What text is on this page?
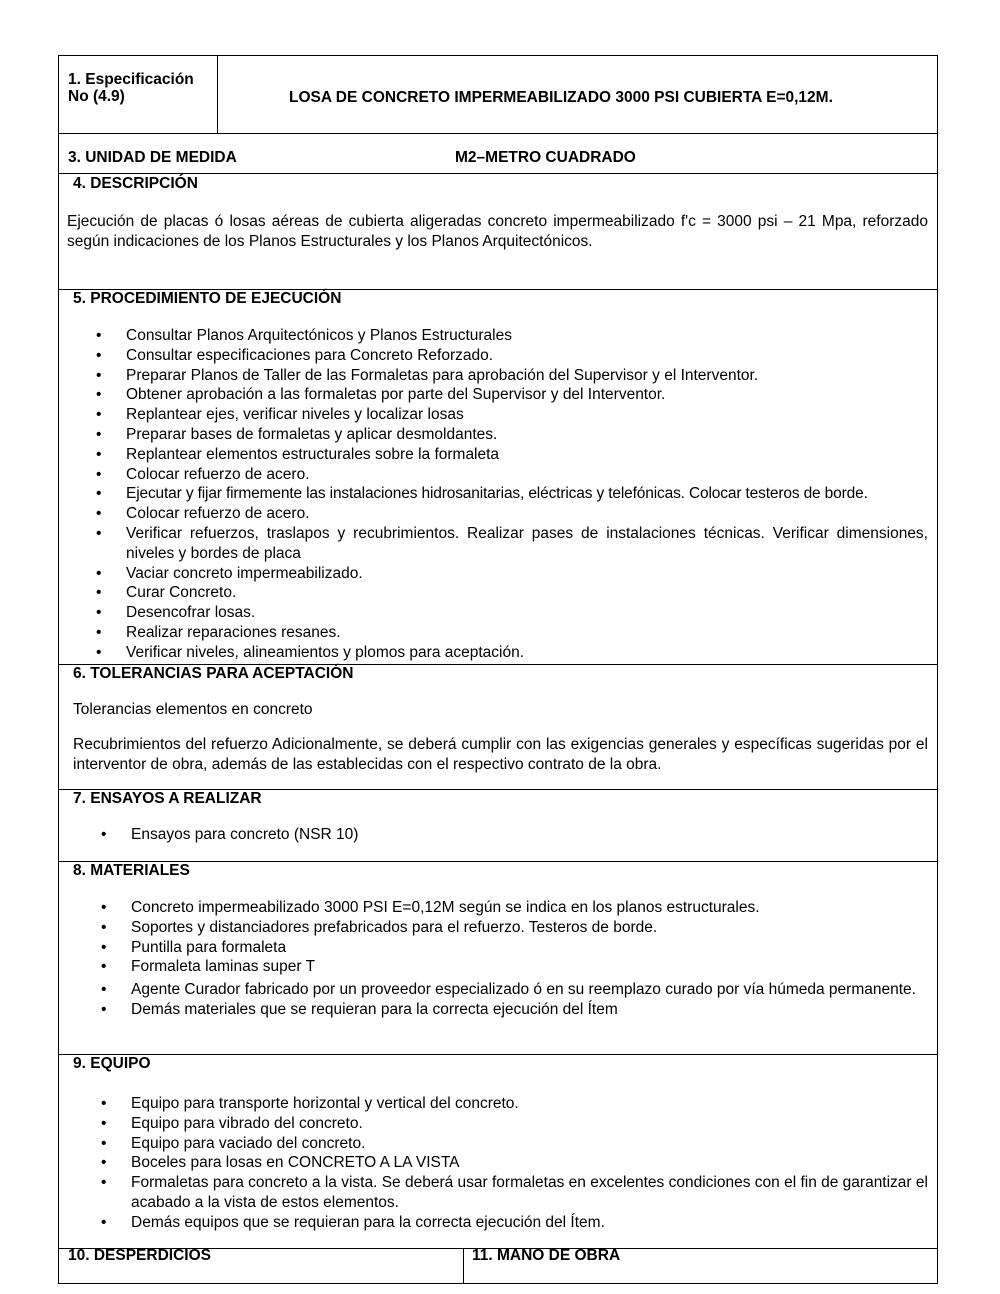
1. Especificación
No (4.9)	LOSA DE CONCRETO IMPERMEABILIZADO 3000 PSI CUBIERTA E=0,12M.
3. UNIDAD DE MEDIDA	M2–METRO CUADRADO
4. DESCRIPCIÓN
Ejecución de placas ó losas aéreas de cubierta aligeradas concreto impermeabilizado f'c = 3000 psi – 21 Mpa, reforzado según indicaciones de los Planos Estructurales y los Planos Arquitectónicos.
5. PROCEDIMIENTO DE EJECUCIÓN
• Consultar Planos Arquitectónicos y Planos Estructurales
• Consultar especificaciones para Concreto Reforzado.
• Preparar Planos de Taller de las Formaletas para aprobación del Supervisor y el Interventor.
• Obtener aprobación a las formaletas por parte del Supervisor y del Interventor.
• Replantear ejes, verificar niveles y localizar losas
• Preparar bases de formaletas y aplicar desmoldantes.
• Replantear elementos estructurales sobre la formaleta
• Colocar refuerzo de acero.
• Ejecutar y fijar firmemente las instalaciones hidrosanitarias, eléctricas y telefónicas. Colocar testeros de borde.
• Colocar refuerzo de acero.
• Verificar refuerzos, traslapos y recubrimientos. Realizar pases de instalaciones técnicas. Verificar dimensiones, niveles y bordes de placa
• Vaciar concreto impermeabilizado.
• Curar Concreto.
• Desencofrar losas.
• Realizar reparaciones resanes.
• Verificar niveles, alineamientos y plomos para aceptación.
6. TOLERANCIAS PARA ACEPTACIÓN
Tolerancias elementos en concreto
Recubrimientos del refuerzo Adicionalmente, se deberá cumplir con las exigencias generales y específicas sugeridas por el interventor de obra, además de las establecidas con el respectivo contrato de la obra.
7. ENSAYOS A REALIZAR
• Ensayos para concreto (NSR 10)
8. MATERIALES
• Concreto impermeabilizado 3000 PSI E=0,12M según se indica en los planos estructurales.
• Soportes y distanciadores prefabricados para el refuerzo. Testeros de borde.
• Puntilla para formaleta
• Formaleta laminas super T
• Agente Curador fabricado por un proveedor especializado ó en su reemplazo curado por vía húmeda permanente.
• Demás materiales que se requieran para la correcta ejecución del Ítem
9. EQUIPO
• Equipo para transporte horizontal y vertical del concreto.
• Equipo para vibrado del concreto.
• Equipo para vaciado del concreto.
• Boceles para losas en CONCRETO A LA VISTA
• Formaletas para concreto a la vista. Se deberá usar formaletas en excelentes condiciones con el fin de garantizar el acabado a la vista de estos elementos.
• Demás equipos que se requieran para la correcta ejecución del Ítem.
10. DESPERDICIOS	11. MANO DE OBRA
